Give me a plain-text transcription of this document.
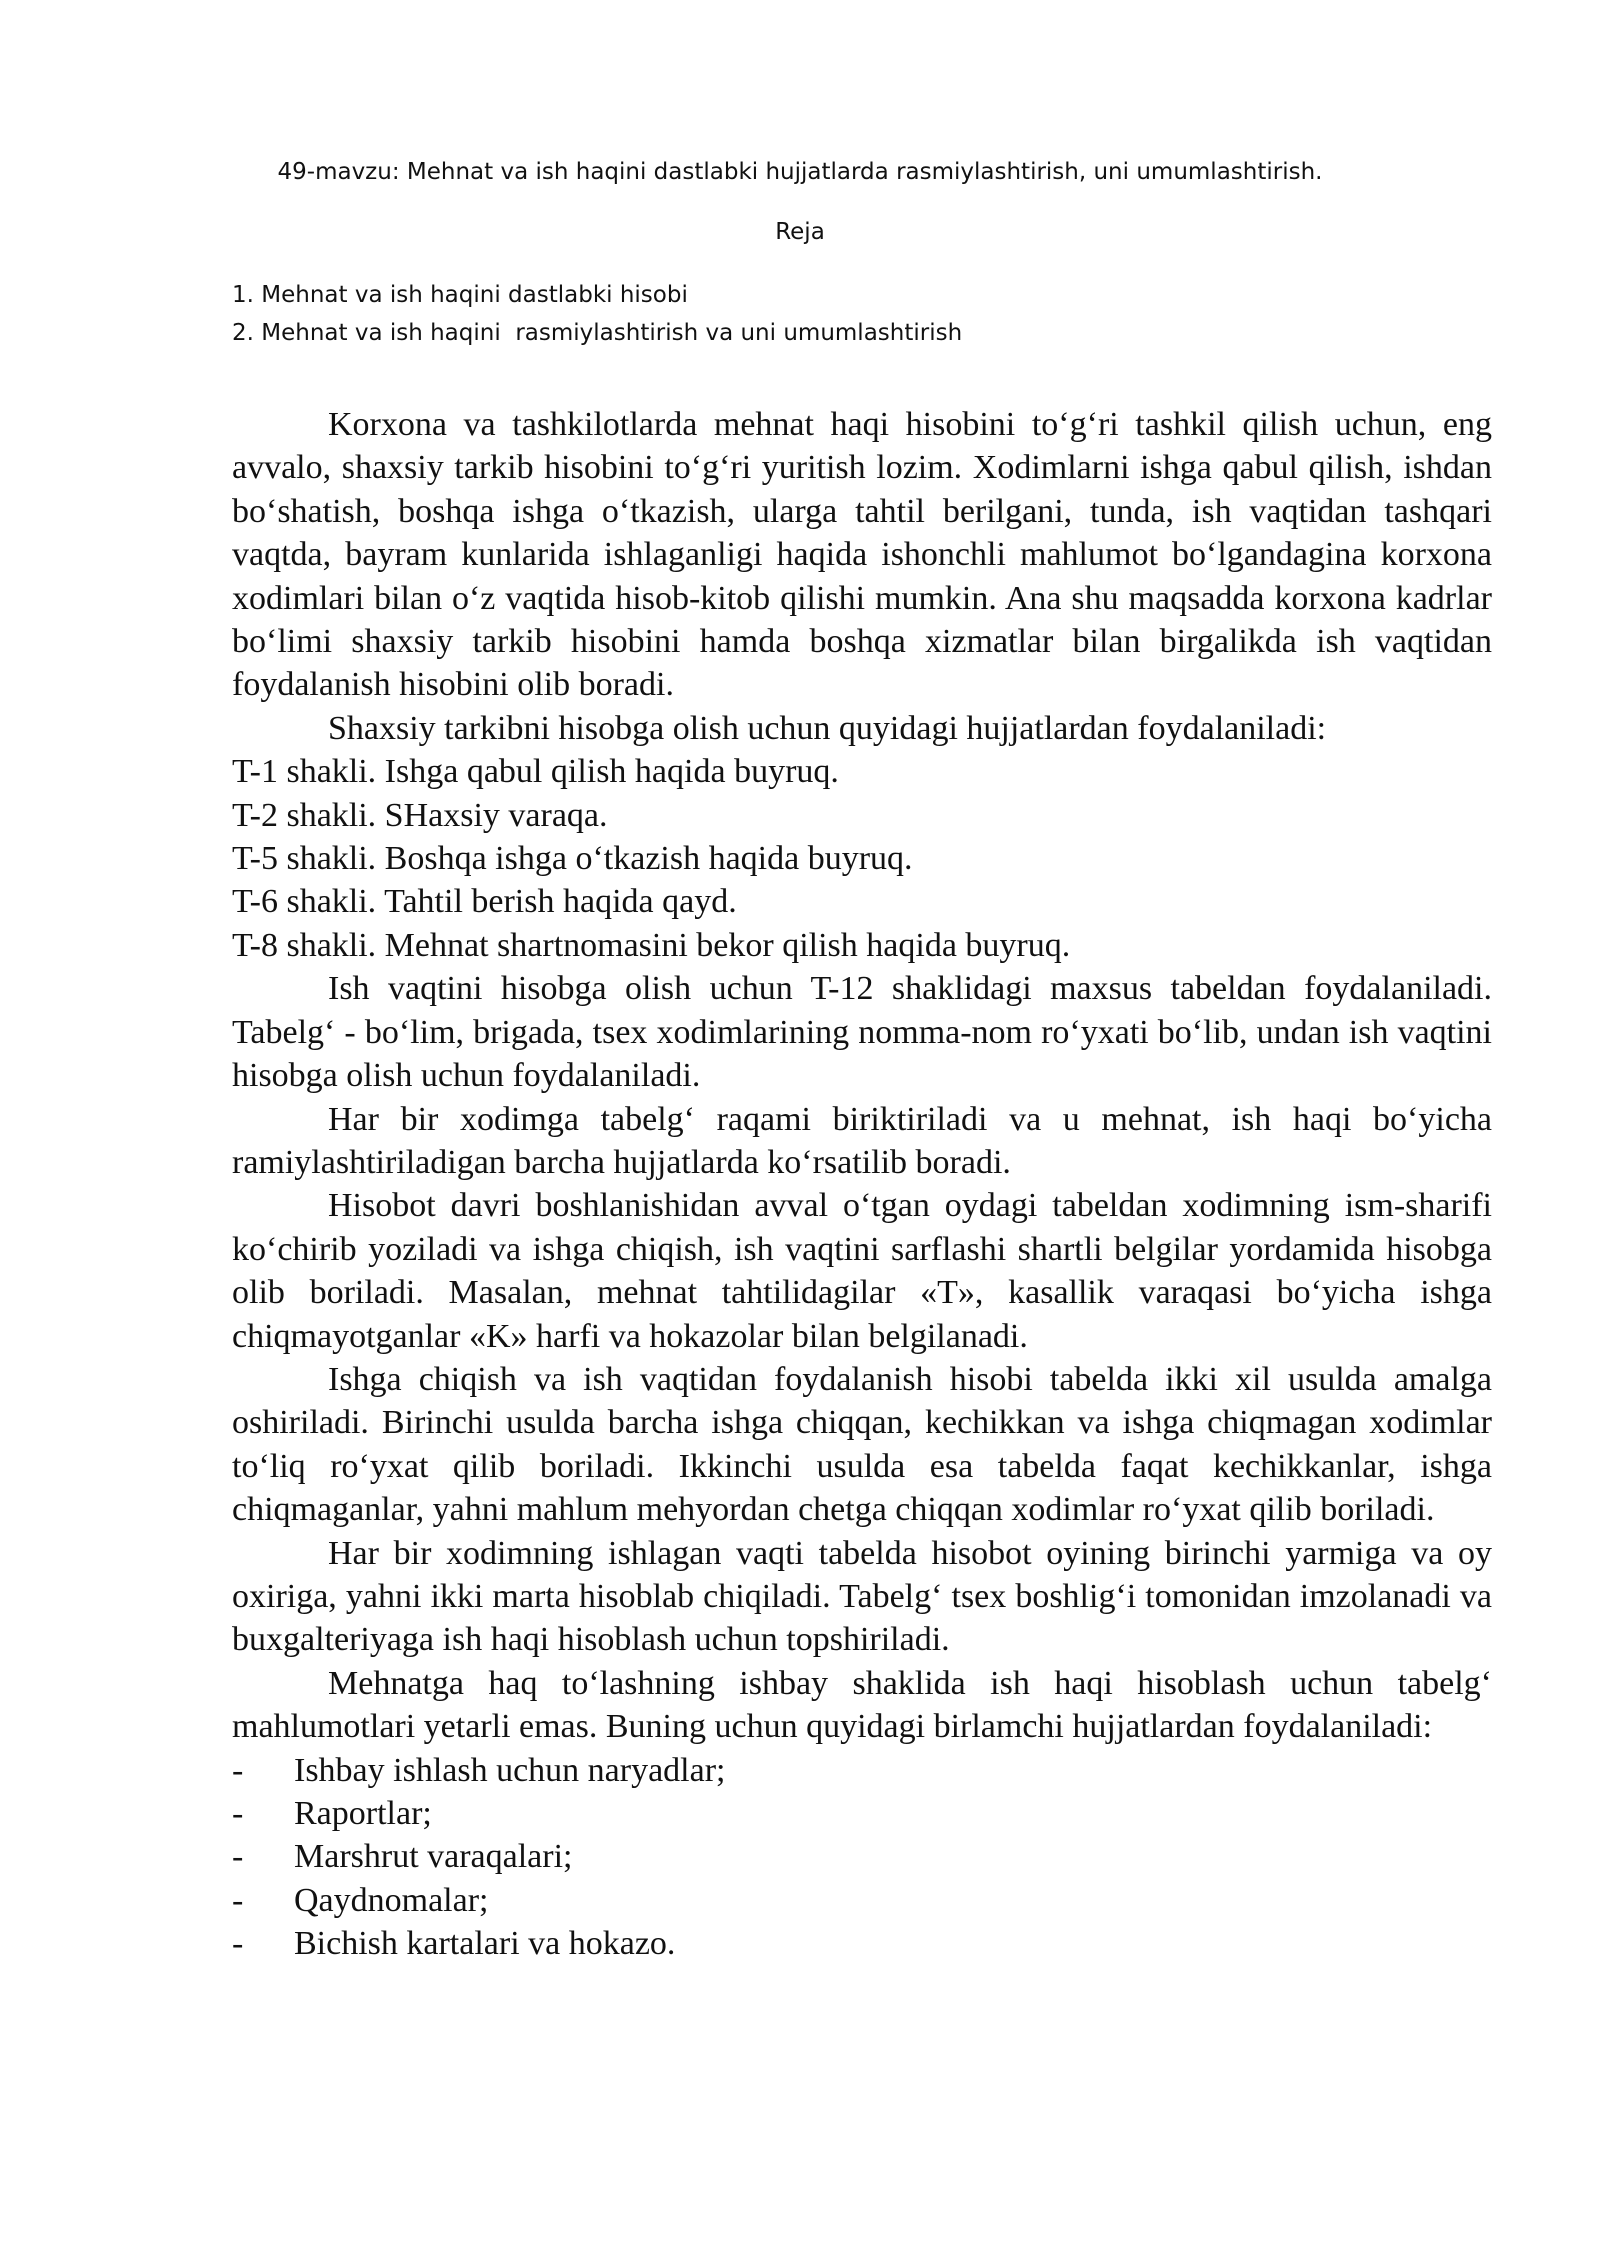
49-mavzu: Mehnat va ish haqini dastlabki hujjatlarda rasmiylashtirish, uni umumlashtirish.
Reja
1. Mehnat va ish haqini dastlabki hisobi
2. Mehnat va ish haqini  rasmiylashtirish va uni umumlashtirish

Korxona va tashkilotlarda mehnat haqi hisobini to‘g‘ri tashkil qilish uchun, eng avvalo, shaxsiy tarkib hisobini to‘g‘ri yuritish lozim. Xodimlarni ishga qabul qilish, ishdan bo‘shatish, boshqa ishga o‘tkazish, ularga tahtil berilgani, tunda, ish vaqtidan tashqari vaqtda, bayram kunlarida ishlaganligi haqida ishonchli mahlumot bo‘lgandagina korxona xodimlari bilan o‘z vaqtida hisob-kitob qilishi mumkin. Ana shu maqsadda korxona kadrlar bo‘limi shaxsiy tarkib hisobini hamda boshqa xizmatlar bilan birgalikda ish vaqtidan foydalanish hisobini olib boradi.

Shaxsiy tarkibni hisobga olish uchun quyidagi hujjatlardan foydalaniladi:

T-1 shakli. Ishga qabul qilish haqida buyruq.

T-2 shakli. SHaxsiy varaqa.

T-5 shakli. Boshqa ishga o‘tkazish haqida buyruq.

T-6 shakli. Tahtil berish haqida qayd.

T-8 shakli. Mehnat shartnomasini bekor qilish haqida buyruq.

Ish vaqtini hisobga olish uchun T-12 shaklidagi maxsus tabeldan foydalaniladi. Tabelg‘ - bo‘lim, brigada, tsex xodimlarining nomma-nom ro‘yxati bo‘lib, undan ish vaqtini hisobga olish uchun foydalaniladi.

Har bir xodimga tabelg‘ raqami biriktiriladi va u mehnat, ish haqi bo‘yicha ramiylashtiriladigan barcha hujjatlarda ko‘rsatilib boradi.

Hisobot davri boshlanishidan avval o‘tgan oydagi tabeldan xodimning ism-sharifi ko‘chirib yoziladi va ishga chiqish, ish vaqtini sarflashi shartli belgilar yordamida hisobga olib boriladi. Masalan, mehnat tahtilidagilar «T», kasallik varaqasi bo‘yicha ishga chiqmayotganlar «K» harfi va hokazolar bilan belgilanadi.

Ishga chiqish va ish vaqtidan foydalanish hisobi tabelda ikki xil usulda amalga oshiriladi. Birinchi usulda barcha ishga chiqqan, kechikkan va ishga chiqmagan xodimlar to‘liq ro‘yxat qilib boriladi. Ikkinchi usulda esa tabelda faqat kechikkanlar, ishga chiqmaganlar, yahni mahlum mehyordan chetga chiqqan xodimlar ro‘yxat qilib boriladi.

Har bir xodimning ishlagan vaqti tabelda hisobot oyining birinchi yarmiga va oy oxiriga, yahni ikki marta hisoblab chiqiladi. Tabelg‘ tsex boshlig‘i tomonidan imzolanadi va buxgalteriyaga ish haqi hisoblash uchun topshiriladi.

Mehnatga haq to‘lashning ishbay shaklida ish haqi hisoblash uchun tabelg‘ mahlumotlari yetarli emas. Buning uchun quyidagi birlamchi hujjatlardan foydalaniladi:

-	Ishbay ishlash uchun naryadlar;
-	Raportlar;
-	Marshrut varaqalari;
-	Qaydnomalar;
-	Bichish kartalari va hokazo.
